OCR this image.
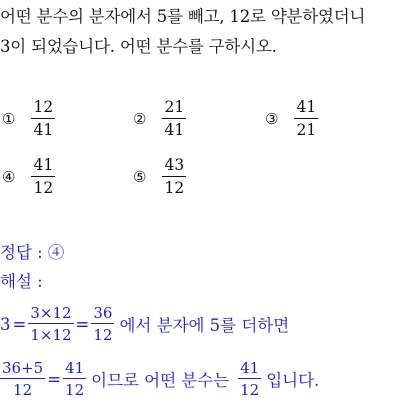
어떤 분수의 분자에서 5를 빼고, 12로 약분하였더니
3이 되었습니다. 어떤 분수를 구하시오.
① $\frac{12}{41}$	② $\frac{21}{41}$	③ $\frac{41}{21}$
④ $\frac{41}{12}$	⑤ $\frac{43}{12}$
정답 : ④
해설 :
$3 = \frac{3\times 12}{1\times 12} = \frac{36}{12}$ 에서 분자에 5를 더하면
$\frac{36+5}{12} = \frac{41}{12}$ 이므로 어떤 분수는 $\frac{41}{12}$ 입니다.
